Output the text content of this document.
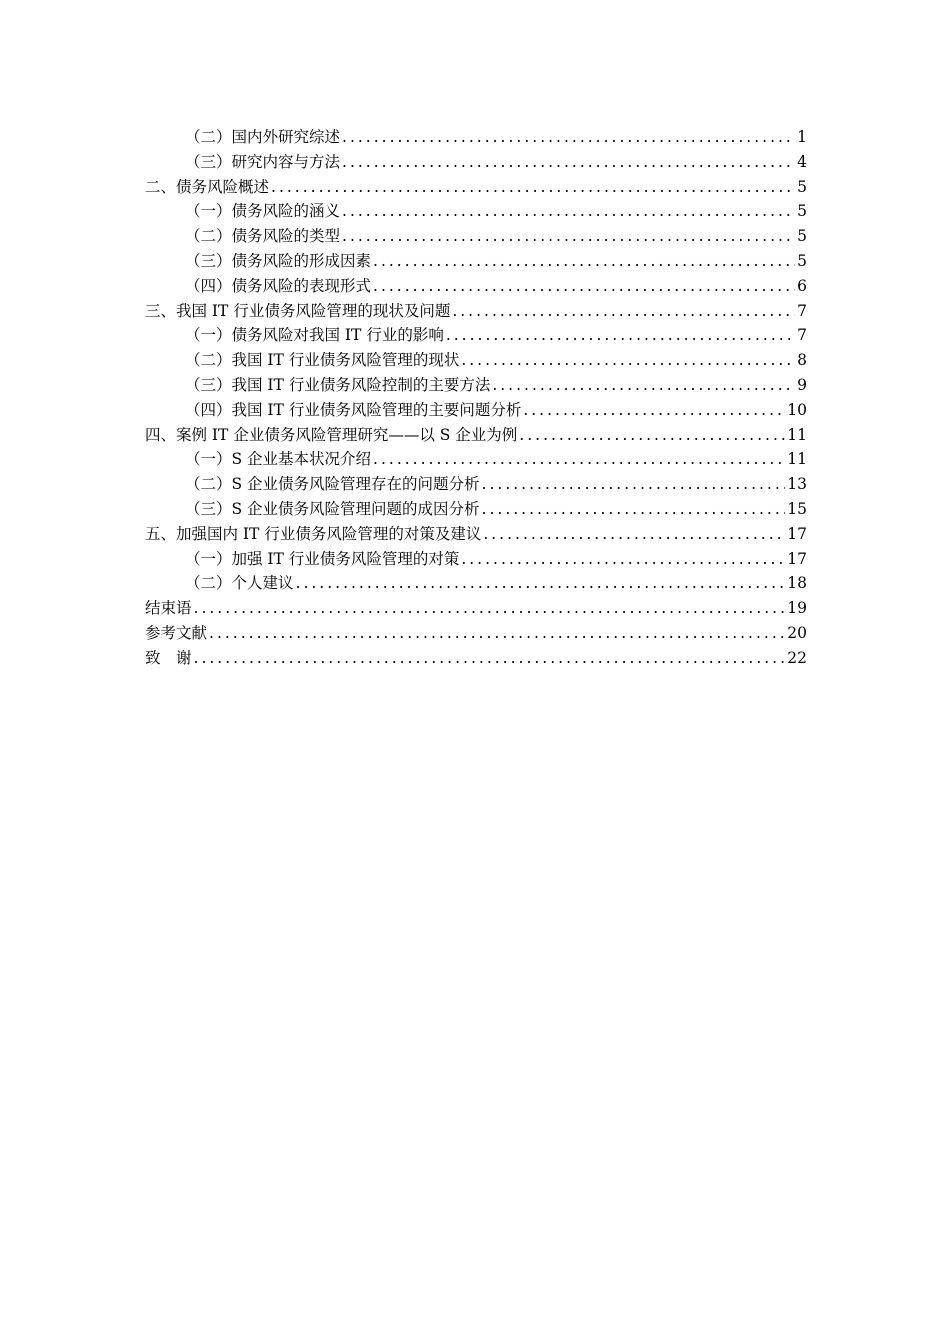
（二）国内外研究综述 .....	1
（三）研究内容与方法 .....	4
二、债务风险概述 .....	5
（一）债务风险的涵义 .....	5
（二）债务风险的类型 .....	5
（三）债务风险的形成因素 .....	5
（四）债务风险的表现形式 .....	6
三、我国 IT 行业债务风险管理的现状及问题 .....	7
（一）债务风险对我国 IT 行业的影响 .....	7
（二）我国 IT 行业债务风险管理的现状 .....	8
（三）我国 IT 行业债务风险控制的主要方法 .....	9
（四）我国 IT 行业债务风险管理的主要问题分析 .....	10
四、案例 IT 企业债务风险管理研究——以 S 企业为例 .....	11
（一）S 企业基本状况介绍 .....	11
（二）S 企业债务风险管理存在的问题分析 .....	13
（三）S 企业债务风险管理问题的成因分析 .....	15
五、加强国内 IT 行业债务风险管理的对策及建议 .....	17
（一）加强 IT 行业债务风险管理的对策 .....	17
（二）个人建议 .....	18
结束语 .....	19
参考文献 .....	20
致　谢 .....	22
